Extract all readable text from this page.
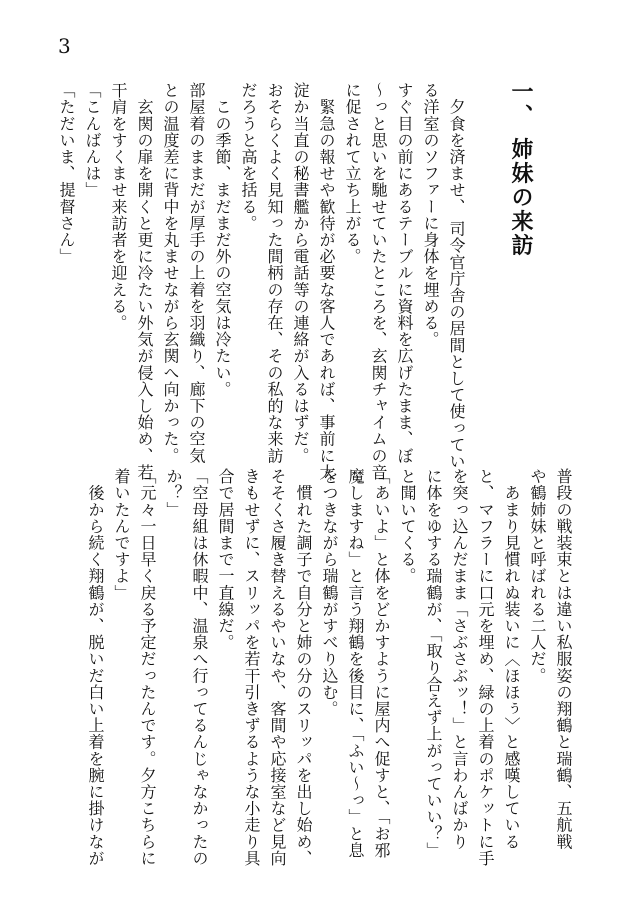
3
一、 姉妹の来訪
　夕食を済ませ、 司令官庁舎の居間として使ってい
る洋室のソファーに身体を埋める。
すぐ目の前にあるテーブルに資料を広げたまま、ぼ
～っと思いを馳せていたところを、玄関チャイムの音
に促されて立ち上がる。
　緊急の報せや歓待が必要な客人であれば、事前に大
淀か当直の秘書艦から電話等の連絡が入るはずだ。
おそらくよく見知った間柄の存在、その私的な来訪
だろうと高を括る。
　この季節、まだまだ外の空気は冷たい。
部屋着のままだが厚手の上着を羽織り、廊下の空気
との温度差に背中を丸ませながら玄関へ向かった。
　玄関の扉を開くと更に冷たい外気が侵入し始め、若
干肩をすくませ来訪者を迎える。
「こんばんは」
「ただいま、提督さん」
普段の戦装束とは違い私服姿の翔鶴と瑞鶴、五航戦
や鶴姉妹と呼ばれる二人だ。
　あまり見慣れぬ装いに〈ほほぅ〉と感嘆している
と、マフラーに口元を埋め、緑の上着のポケットに手
を突っ込んだまま「さぶさぶッ！」と言わんばかり
に体をゆする瑞鶴が、「取り合えず上がっていい？」
と聞いてくる。
「あいよ」と体をどかすように屋内へ促すと、「お邪
魔しますね」と言う翔鶴を後目に、「ふい～っ」と息
をつきながら瑞鶴がすべり込む。
　慣れた調子で自分と姉の分のスリッパを出し始め、
そそくさ履き替えるやいなや、客間や応接室など見向
きもせずに、スリッパを若干引きずるような小走り具
合で居間まで一直線だ。
「空母組は休暇中、温泉へ行ってるんじゃなかったの
か？」
「元々一日早く戻る予定だったんです。夕方こちらに
着いたんですよ」
　後から続く翔鶴が、脱いだ白い上着を腕に掛けなが
